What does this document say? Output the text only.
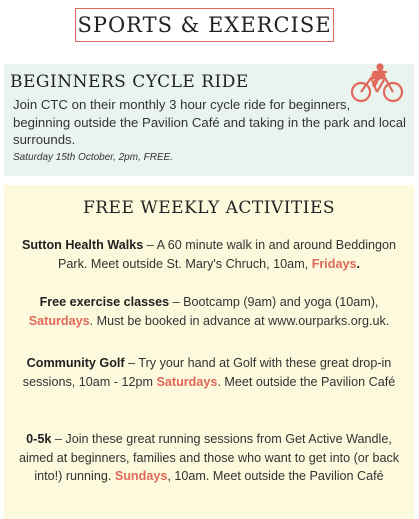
SPORTS & EXERCISE
BEGINNERS CYCLE RIDE

Join CTC on their monthly 3 hour cycle ride for beginners, beginning outside the Pavilion Café and taking in the park and local surrounds.

Saturday 15th October, 2pm, FREE.
FREE WEEKLY ACTIVITIES

Sutton Health Walks – A 60 minute walk in and around Beddingon Park. Meet outside St. Mary's Chruch, 10am, Fridays.

Free exercise classes – Bootcamp (9am) and yoga (10am), Saturdays. Must be booked in advance at www.ourparks.org.uk.

Community Golf – Try your hand at Golf with these great drop-in sessions, 10am - 12pm Saturdays. Meet outside the Pavilion Café

0-5k – Join these great running sessions from Get Active Wandle, aimed at beginners, families and those who want to get into (or back into!) running. Sundays, 10am. Meet outside the Pavilion Café
